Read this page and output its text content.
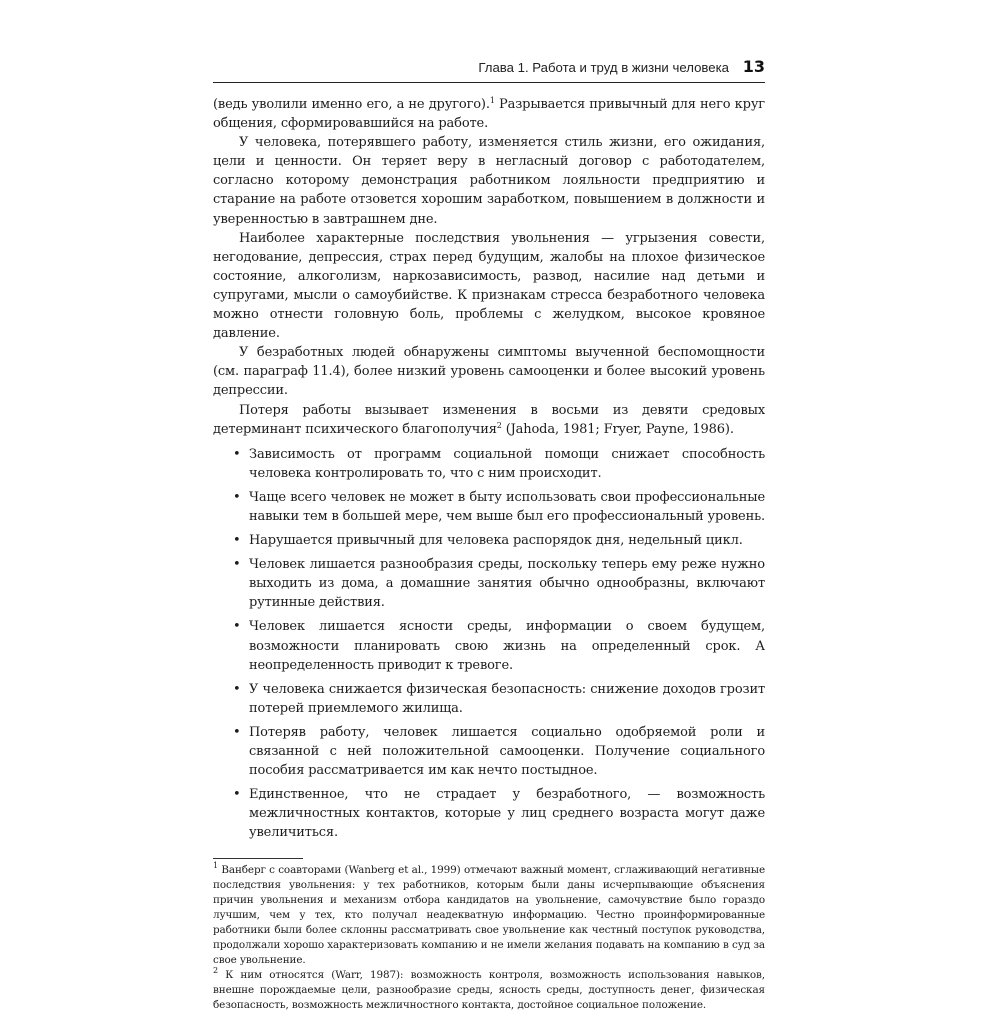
Глава 1. Работа и труд в жизни человека 13

(ведь уволили именно его, а не другого).$^1$ Разрывается привычный для него круг общения, сформировавшийся на работе.

У человека, потерявшего работу, изменяется стиль жизни, его ожидания, цели и ценности. Он теряет веру в негласный договор с работодателем, согласно которому демонстрация работником лояльности предприятию и старание на работе отзовется хорошим заработком, повышением в должности и уверенностью в завтрашнем дне.

Наиболее характерные последствия увольнения — угрызения совести, негодование, депрессия, страх перед будущим, жалобы на плохое физическое состояние, алкоголизм, наркозависимость, развод, насилие над детьми и супругами, мысли о самоубийстве. К признакам стресса безработного человека можно отнести головную боль, проблемы с желудком, высокое кровяное давление.

У безработных людей обнаружены симптомы выученной беспомощности (см. параграф 11.4), более низкий уровень самооценки и более высокий уровень депрессии.

Потеря работы вызывает изменения в восьми из девяти средовых детерминант психического благополучия$^2$ (Jahoda, 1981; Fryer, Payne, 1986).

• Зависимость от программ социальной помощи снижает способность человека контролировать то, что с ним происходит.
• Чаще всего человек не может в быту использовать свои профессиональные навыки тем в большей мере, чем выше был его профессиональный уровень.
• Нарушается привычный для человека распорядок дня, недельный цикл.
• Человек лишается разнообразия среды, поскольку теперь ему реже нужно выходить из дома, а домашние занятия обычно однообразны, включают рутинные действия.
• Человек лишается ясности среды, информации о своем будущем, возможности планировать свою жизнь на определенный срок. А неопределенность приводит к тревоге.
• У человека снижается физическая безопасность: снижение доходов грозит потерей приемлемого жилища.
• Потеряв работу, человек лишается социально одобряемой роли и связанной с ней положительной самооценки. Получение социального пособия рассматривается им как нечто постыдное.
• Единственное, что не страдает у безработного, — возможность межличностных контактов, которые у лиц среднего возраста могут даже увеличиться.

$^1$ Ванберг с соавторами (Wanberg et al., 1999) отмечают важный момент, сглаживающий негативные последствия увольнения: у тех работников, которым были даны исчерпывающие объяснения причин увольнения и механизм отбора кандидатов на увольнение, самочувствие было гораздо лучшим, чем у тех, кто получал неадекватную информацию. Честно проинформированные работники были более склонны рассматривать свое увольнение как честный поступок руководства, продолжали хорошо характеризовать компанию и не имели желания подавать на компанию в суд за свое увольнение.

$^2$ К ним относятся (Warr, 1987): возможность контроля, возможность использования навыков, внешне порождаемые цели, разнообразие среды, ясность среды, доступность денег, физическая безопасность, возможность межличностного контакта, достойное социальное положение.
